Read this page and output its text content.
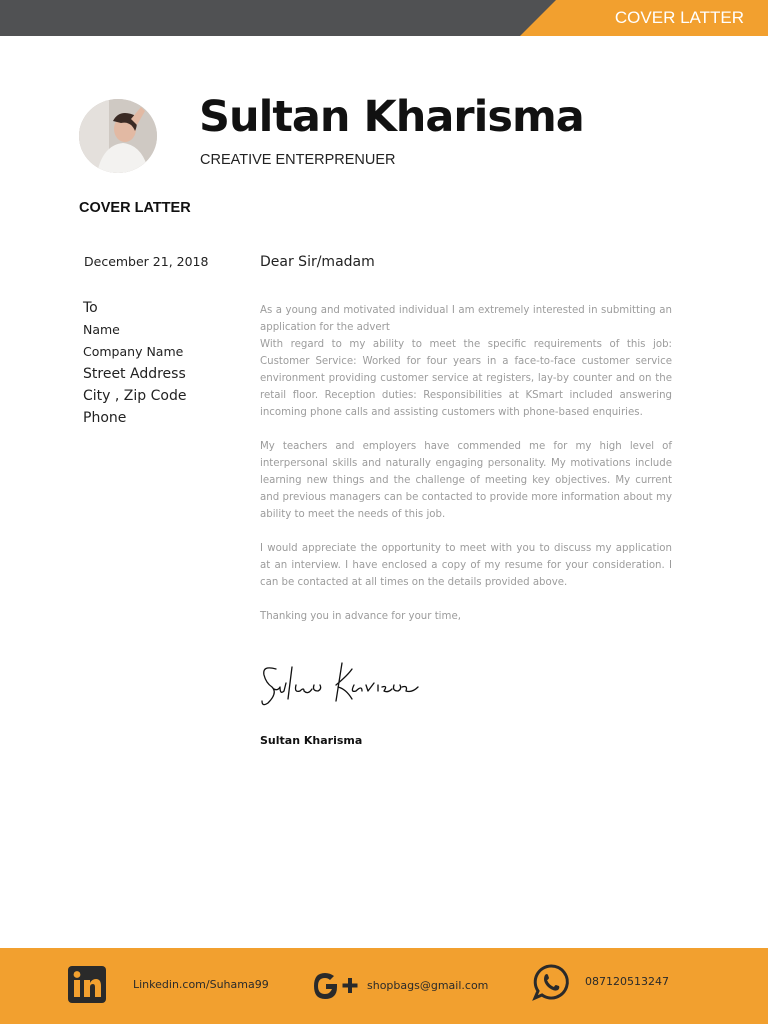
COVER LATTER
Sultan Kharisma
CREATIVE ENTERPRENUER
COVER LATTER
December 21, 2018
To
Name
Company Name
Street Address
City , Zip Code
Phone
Dear Sir/madam

As a young and motivated individual I am extremely interested in submitting an application for the advert

With regard to my ability to meet the specific requirements of this job: Customer Service: Worked for four years in a face-to-face customer service environment providing customer service at registers, lay-by counter and on the retail floor. Reception duties: Responsibilities at KSmart included answering incoming phone calls and assisting customers with phone-based enquiries.

My teachers and employers have commended me for my high level of interpersonal skills and naturally engaging personality. My motivations include learning new things and the challenge of meeting key objectives. My current and previous managers can be contacted to provide more information about my ability to meet the needs of this job.

I would appreciate the opportunity to meet with you to discuss my application at an interview. I have enclosed a copy of my resume for your consideration. I can be contacted at all times on the details provided above.

Thanking you in advance for your time,

Sultan Kharisma
Linkedin.com/Suhama99	shopbags@gmail.com	087120513247
